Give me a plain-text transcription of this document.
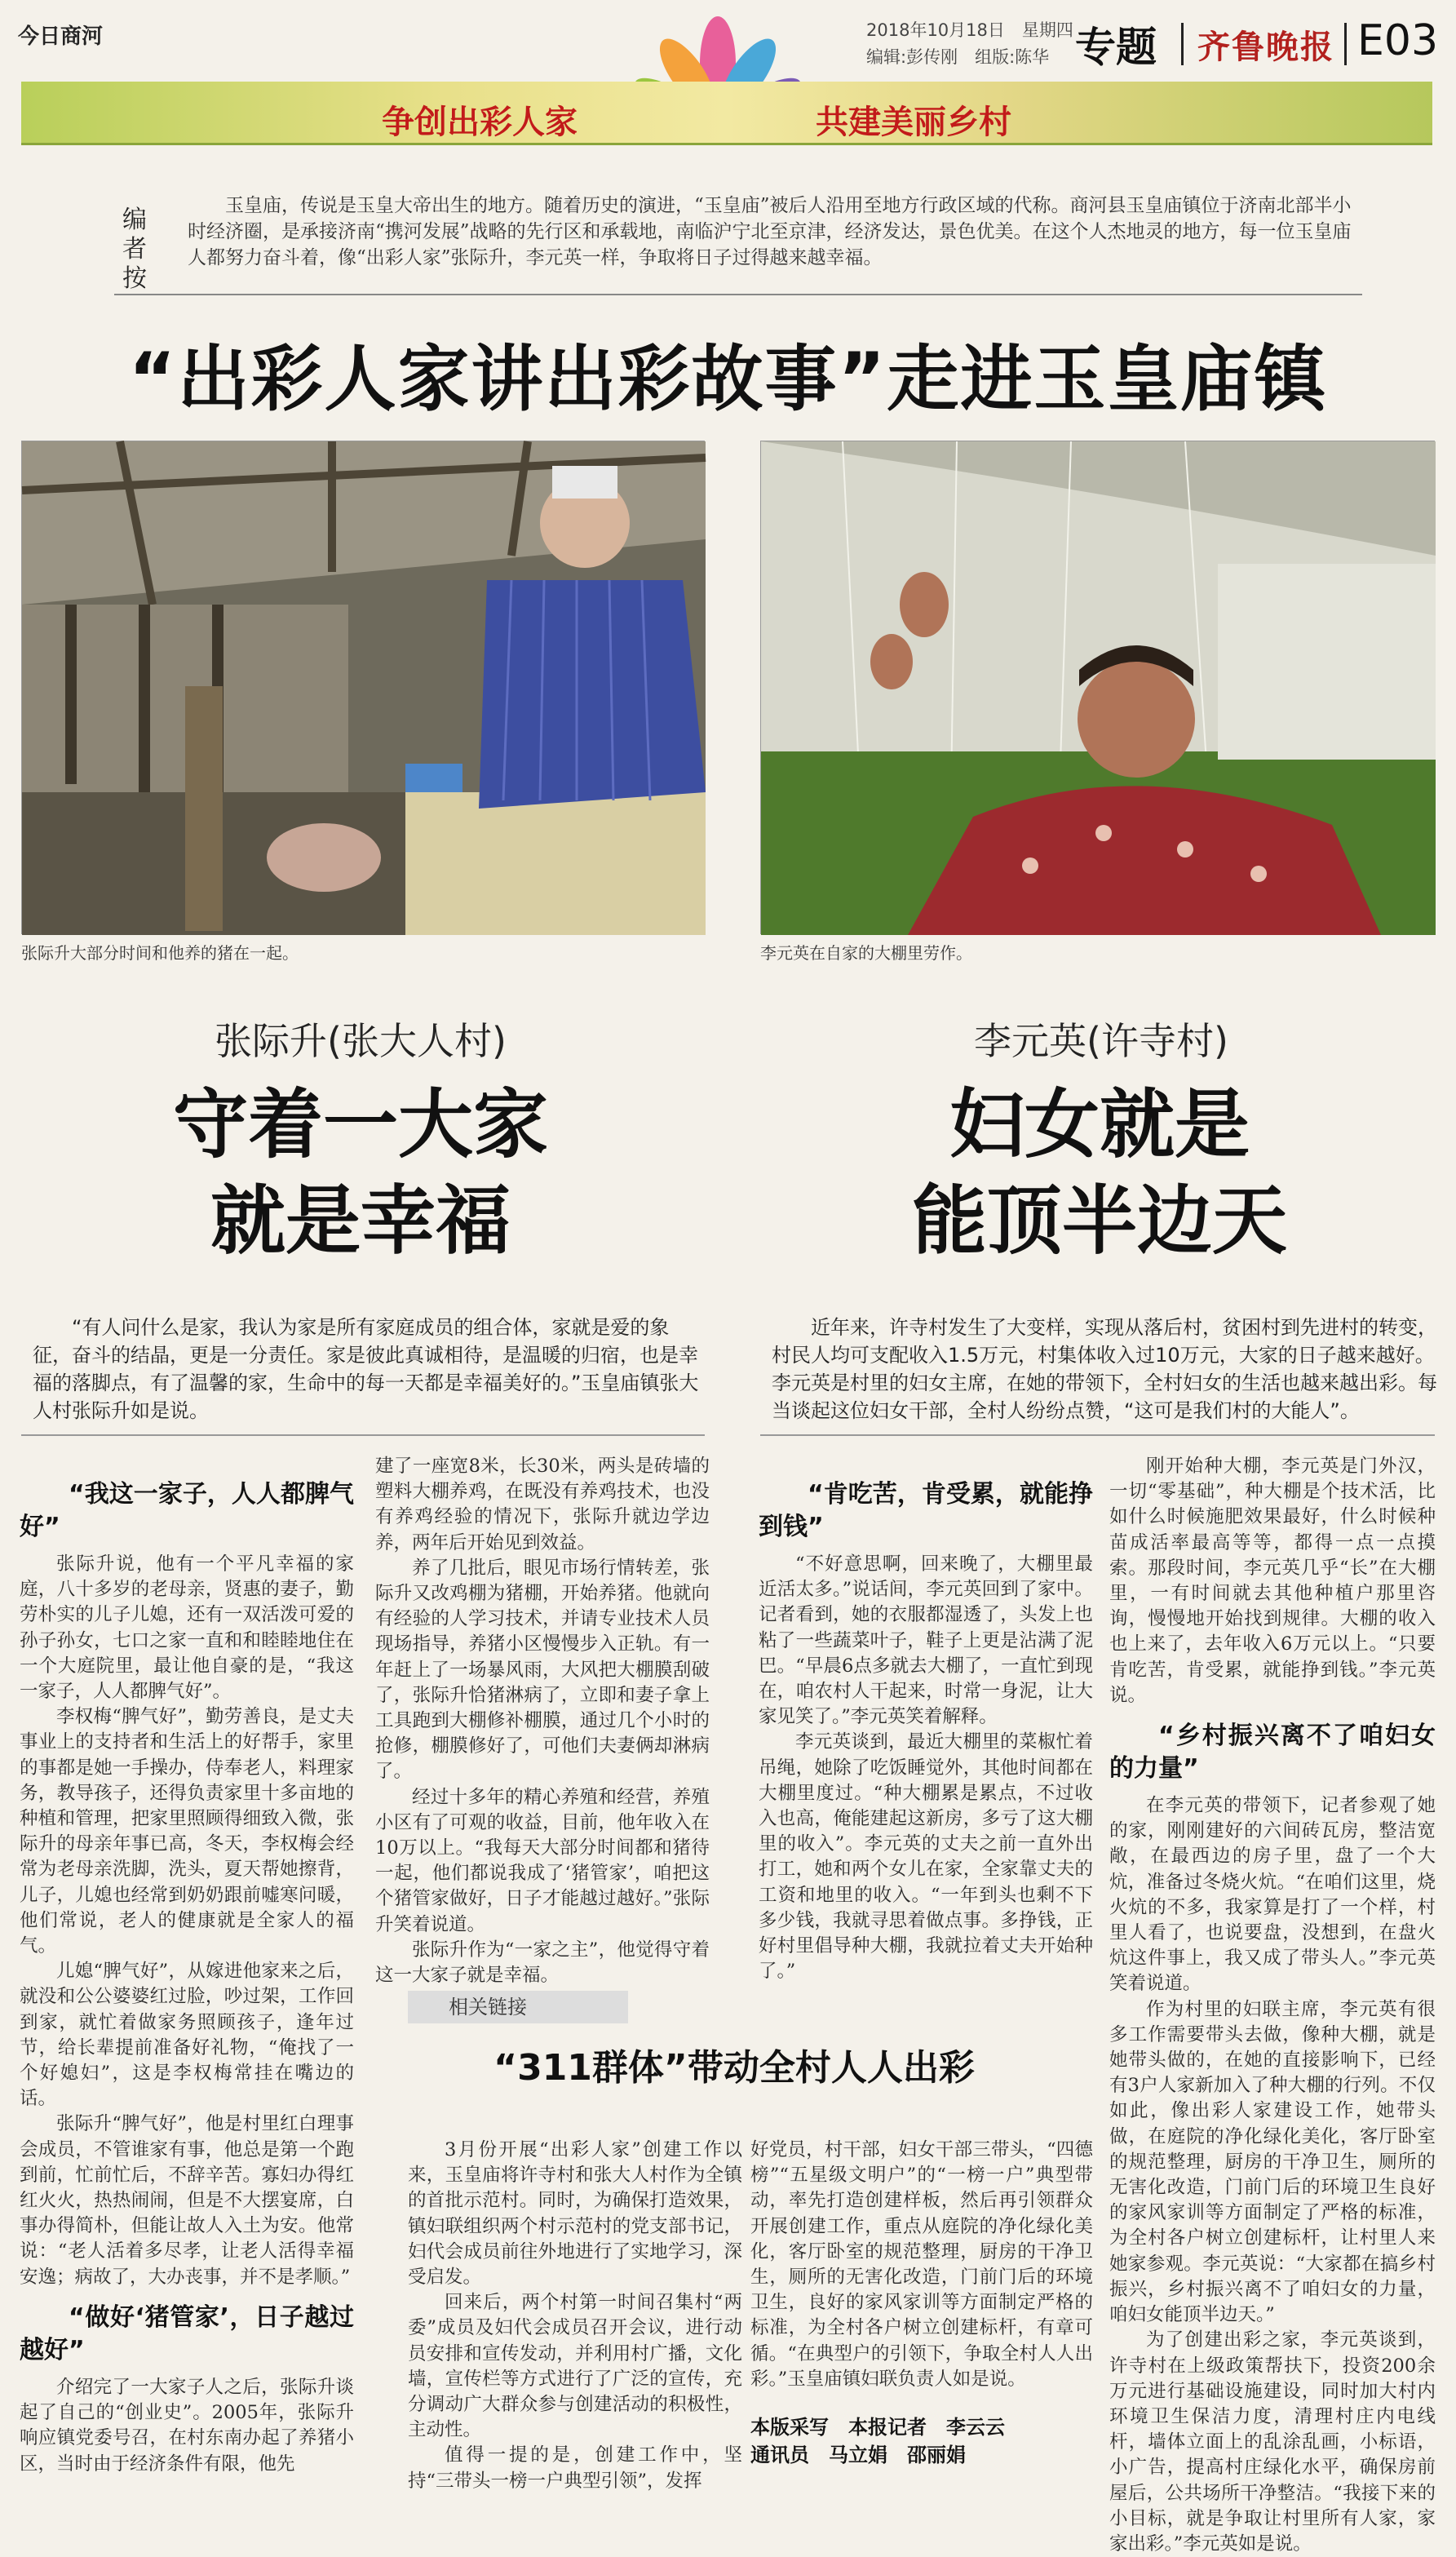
今日商河	2018年10月18日　星期四
编辑:彭传刚　组版:陈华 专题 齐鲁晚报 E03
争创出彩人家	共建美丽乡村
编者按
玉皇庙，传说是玉皇大帝出生的地方。随着历史的演进，“玉皇庙”被后人沿用至地方行政区域的代称。商河县玉皇庙镇位于济南北部半小时经济圈，是承接济南“携河发展”战略的先行区和承载地，南临沪宁北至京津，经济发达，景色优美。在这个人杰地灵的地方，每一位玉皇庙人都努力奋斗着，像“出彩人家”张际升，李元英一样，争取将日子过得越来越幸福。
“出彩人家讲出彩故事”走进玉皇庙镇
张际升大部分时间和他养的猪在一起。	李元英在自家的大棚里劳作。
张际升(张大人村)
守着一大家
就是幸福
李元英(许寺村)
妇女就是
能顶半边天
“有人问什么是家，我认为家是所有家庭成员的组合体，家就是爱的象征，奋斗的结晶，更是一分责任。家是彼此真诚相待，是温暖的归宿，也是幸福的落脚点，有了温馨的家，生命中的每一天都是幸福美好的。”玉皇庙镇张大人村张际升如是说。
近年来，许寺村发生了大变样，实现从落后村，贫困村到先进村的转变，村民人均可支配收入1.5万元，村集体收入过10万元，大家的日子越来越好。李元英是村里的妇女主席，在她的带领下，全村妇女的生活也越来越出彩。每当谈起这位妇女干部，全村人纷纷点赞，“这可是我们村的大能人”。
“我这一家子，人人都脾气好”

张际升说，他有一个平凡幸福的家庭，八十多岁的老母亲，贤惠的妻子，勤劳朴实的儿子儿媳，还有一双活泼可爱的孙子孙女，七口之家一直和和睦睦地住在一个大庭院里，最让他自豪的是，“我这一家子，人人都脾气好”。

李权梅“脾气好”，勤劳善良，是丈夫事业上的支持者和生活上的好帮手，家里的事都是她一手操办，侍奉老人，料理家务，教导孩子，还得负责家里十多亩地的种植和管理，把家里照顾得细致入微，张际升的母亲年事已高，冬天，李权梅会经常为老母亲洗脚，洗头，夏天帮她擦背，儿子，儿媳也经常到奶奶跟前嘘寒问暖，他们常说，老人的健康就是全家人的福气。

儿媳“脾气好”，从嫁进他家来之后，就没和公公婆婆红过脸，吵过架，工作回到家，就忙着做家务照顾孩子，逢年过节，给长辈提前准备好礼物，“俺找了一个好媳妇”，这是李权梅常挂在嘴边的话。

张际升“脾气好”，他是村里红白理事会成员，不管谁家有事，他总是第一个跑到前，忙前忙后，不辞辛苦。寡妇办得红红火火，热热闹闹，但是不大摆宴席，白事办得简朴，但能让故人入土为安。他常说：“老人活着多尽孝，让老人活得幸福安逸；病故了，大办丧事，并不是孝顺。”

“做好‘猪管家’，日子越过越好”

介绍完了一大家子人之后，张际升谈起了自己的“创业史”。2005年，张际升响应镇党委号召，在村东南办起了养猪小区，当时由于经济条件有限，他先

建了一座宽8米，长30米，两头是砖墙的塑料大棚养鸡，在既没有养鸡技术，也没有养鸡经验的情况下，张际升就边学边养，两年后开始见到效益。

养了几批后，眼见市场行情转差，张际升又改鸡棚为猪棚，开始养猪。他就向有经验的人学习技术，并请专业技术人员现场指导，养猪小区慢慢步入正轨。有一年赶上了一场暴风雨，大风把大棚膜刮破了，张际升恰猪淋病了，立即和妻子拿上工具跑到大棚修补棚膜，通过几个小时的抢修，棚膜修好了，可他们夫妻俩却淋病了。

经过十多年的精心养殖和经营，养殖小区有了可观的收益，目前，他年收入在10万以上。“我每天大部分时间都和猪待一起，他们都说我成了‘猪管家’，咱把这个猪管家做好，日子才能越过越好。”张际升笑着说道。

张际升作为“一家之主”，他觉得守着这一大家子就是幸福。

“肯吃苦，肯受累，就能挣到钱”

“不好意思啊，回来晚了，大棚里最近活太多。”说话间，李元英回到了家中。记者看到，她的衣服都湿透了，头发上也粘了一些蔬菜叶子，鞋子上更是沾满了泥巴。“早晨6点多就去大棚了，一直忙到现在，咱农村人干起来，时常一身泥，让大家见笑了。”李元英笑着解释。

李元英谈到，最近大棚里的菜椒忙着吊绳，她除了吃饭睡觉外，其他时间都在大棚里度过。“种大棚累是累点，不过收入也高，俺能建起这新房，多亏了这大棚里的收入”。李元英的丈夫之前一直外出打工，她和两个女儿在家，全家靠丈夫的工资和地里的收入。“一年到头也剩不下多少钱，我就寻思着做点事。多挣钱，正好村里倡导种大棚，我就拉着丈夫开始种了。”

刚开始种大棚，李元英是门外汉，一切“零基础”，种大棚是个技术活，比如什么时候施肥效果最好，什么时候种苗成活率最高等等，都得一点一点摸索。那段时间，李元英几乎“长”在大棚里，一有时间就去其他种植户那里咨询，慢慢地开始找到规律。大棚的收入也上来了，去年收入6万元以上。“只要肯吃苦，肯受累，就能挣到钱。”李元英说。

“乡村振兴离不了咱妇女的力量”

在李元英的带领下，记者参观了她的家，刚刚建好的六间砖瓦房，整洁宽敞，在最西边的房子里，盘了一个大炕，准备过冬烧火炕。“在咱们这里，烧火炕的不多，我家算是打了一个样，村里人看了，也说要盘，没想到，在盘火炕这件事上，我又成了带头人。”李元英笑着说道。

作为村里的妇联主席，李元英有很多工作需要带头去做，像种大棚，就是她带头做的，在她的直接影响下，已经有3户人家新加入了种大棚的行列。不仅如此，像出彩人家建设工作，她带头做，在庭院的净化绿化美化，客厅卧室的规范整理，厨房的干净卫生，厕所的无害化改造，门前门后的环境卫生良好的家风家训等方面制定了严格的标准，为全村各户树立创建标杆，让村里人来她家参观。李元英说：“大家都在搞乡村振兴，乡村振兴离不了咱妇女的力量，咱妇女能顶半边天。”

为了创建出彩之家，李元英谈到，许寺村在上级政策帮扶下，投资200余万元进行基础设施建设，同时加大村内环境卫生保洁力度，清理村庄内电线杆，墙体立面上的乱涂乱画，小标语，小广告，提高村庄绿化水平，确保房前屋后，公共场所干净整洁。“我接下来的小目标，就是争取让村里所有人家，家家出彩。”李元英如是说。

相关链接
“311群体”带动全村人人出彩

3月份开展“出彩人家”创建工作以来，玉皇庙将许寺村和张大人村作为全镇的首批示范村。同时，为确保打造效果，镇妇联组织两个村示范村的党支部书记，妇代会成员前往外地进行了实地学习，深受启发。

回来后，两个村第一时间召集村“两委”成员及妇代会成员召开会议，进行动员安排和宣传发动，并利用村广播，文化墙，宣传栏等方式进行了广泛的宣传，充分调动广大群众参与创建活动的积极性，主动性。

值得一提的是，创建工作中，坚持“三带头一榜一户典型引领”，发挥

好党员，村干部，妇女干部三带头，“四德榜”“五星级文明户”的“一榜一户”典型带动，率先打造创建样板，然后再引领群众开展创建工作，重点从庭院的净化绿化美化，客厅卧室的规范整理，厨房的干净卫生，厕所的无害化改造，门前门后的环境卫生，良好的家风家训等方面制定严格的标准，为全村各户树立创建标杆，有章可循。“在典型户的引领下，争取全村人人出彩。”玉皇庙镇妇联负责人如是说。

本版采写　本报记者　李云云
通讯员　马立娟　邵丽娟
